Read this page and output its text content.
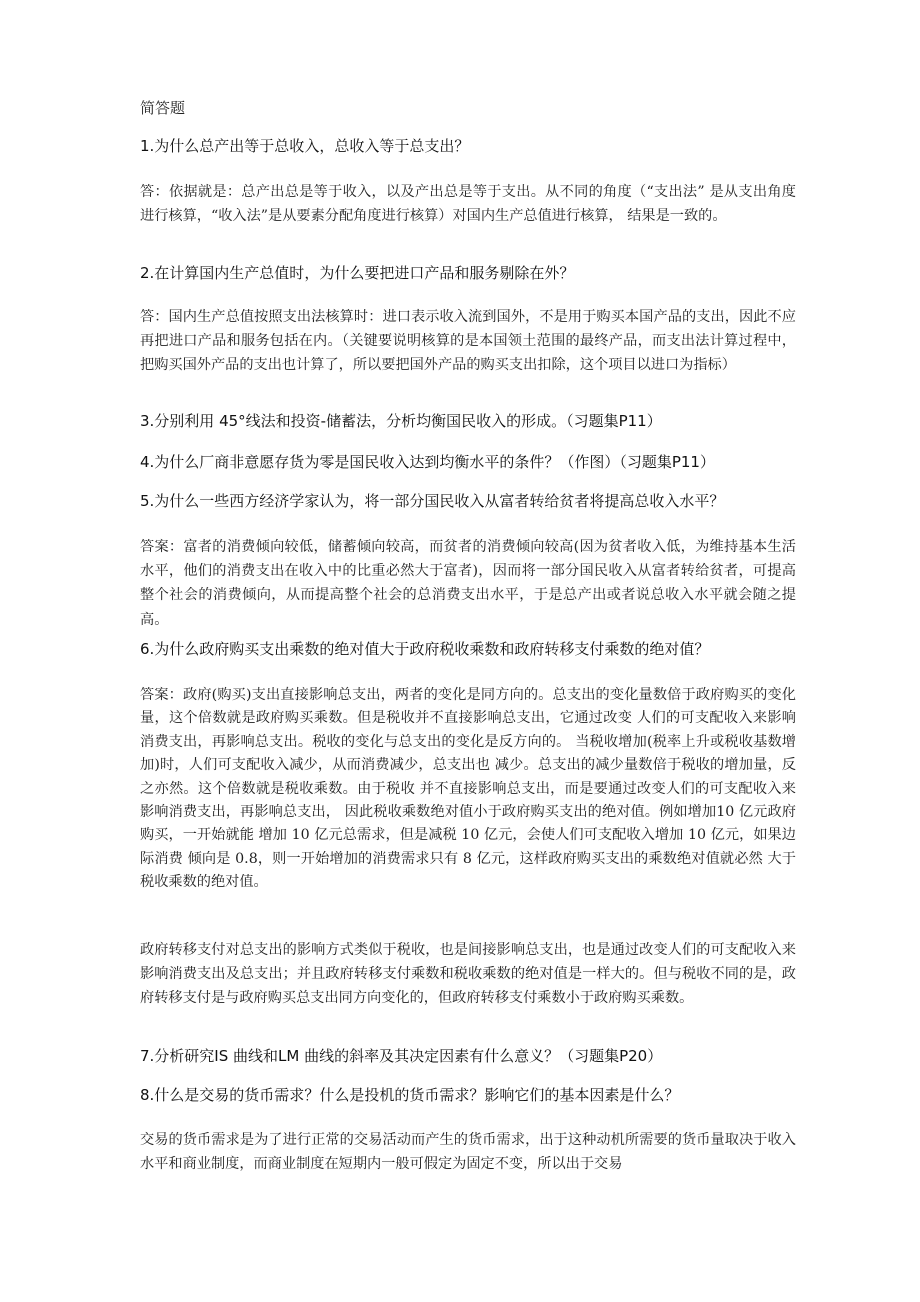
简答题
1.为什么总产出等于总收入，总收入等于总支出？
答：依据就是：总产出总是等于收入，以及产出总是等于支出。从不同的角度（“支出法” 是从支出角度进行核算，“收入法”是从要素分配角度进行核算）对国内生产总值进行核算， 结果是一致的。
2.在计算国内生产总值时，为什么要把进口产品和服务剔除在外？
答：国内生产总值按照支出法核算时：进口表示收入流到国外，不是用于购买本国产品的支出，因此不应再把进口产品和服务包括在内。（关键要说明核算的是本国领土范围的最终产品，而支出法计算过程中，把购买国外产品的支出也计算了，所以要把国外产品的购买支出扣除，这个项目以进口为指标）
3.分别利用 45°线法和投资-储蓄法，分析均衡国民收入的形成。（习题集P11）
4.为什么厂商非意愿存货为零是国民收入达到均衡水平的条件？（作图）（习题集P11）
5.为什么一些西方经济学家认为，将一部分国民收入从富者转给贫者将提高总收入水平？
答案：富者的消费倾向较低，储蓄倾向较高，而贫者的消费倾向较高(因为贫者收入低，为维持基本生活水平，他们的消费支出在收入中的比重必然大于富者)，因而将一部分国民收入从富者转给贫者，可提高整个社会的消费倾向，从而提高整个社会的总消费支出水平，于是总产出或者说总收入水平就会随之提高。
6.为什么政府购买支出乘数的绝对值大于政府税收乘数和政府转移支付乘数的绝对值？
答案：政府(购买)支出直接影响总支出，两者的变化是同方向的。总支出的变化量数倍于政府购买的变化量，这个倍数就是政府购买乘数。但是税收并不直接影响总支出，它通过改变 人们的可支配收入来影响消费支出，再影响总支出。税收的变化与总支出的变化是反方向的。 当税收增加(税率上升或税收基数增加)时，人们可支配收入减少，从而消费减少，总支出也 减少。总支出的减少量数倍于税收的增加量，反之亦然。这个倍数就是税收乘数。由于税收 并不直接影响总支出，而是要通过改变人们的可支配收入来影响消费支出，再影响总支出， 因此税收乘数绝对值小于政府购买支出的绝对值。例如增加10 亿元政府购买，一开始就能 增加 10 亿元总需求，但是减税 10 亿元，会使人们可支配收入增加 10 亿元，如果边际消费 倾向是 0.8，则一开始增加的消费需求只有 8 亿元，这样政府购买支出的乘数绝对值就必然 大于税收乘数的绝对值。
政府转移支付对总支出的影响方式类似于税收，也是间接影响总支出，也是通过改变人们的可支配收入来影响消费支出及总支出；并且政府转移支付乘数和税收乘数的绝对值是一样大的。但与税收不同的是，政府转移支付是与政府购买总支出同方向变化的，但政府转移支付乘数小于政府购买乘数。
7.分析研究IS 曲线和LM 曲线的斜率及其决定因素有什么意义？（习题集P20）
8.什么是交易的货币需求？什么是投机的货币需求？影响它们的基本因素是什么？
交易的货币需求是为了进行正常的交易活动而产生的货币需求，出于这种动机所需要的货币量取决于收入水平和商业制度，而商业制度在短期内一般可假定为固定不变，所以出于交易
